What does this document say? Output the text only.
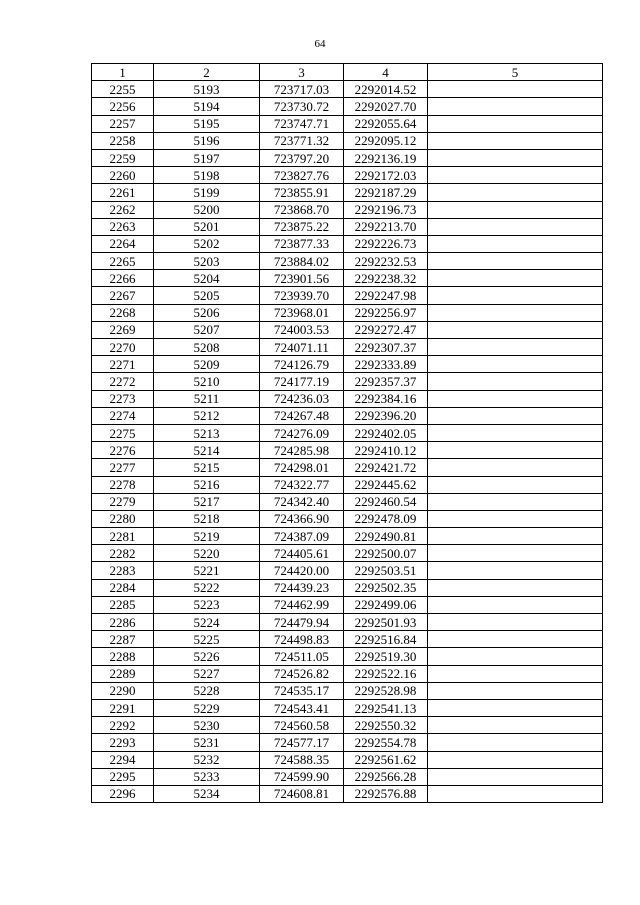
64
1	2	3	4	5
2255	5193	723717.03	2292014.52	
2256	5194	723730.72	2292027.70	
2257	5195	723747.71	2292055.64	
2258	5196	723771.32	2292095.12	
2259	5197	723797.20	2292136.19	
2260	5198	723827.76	2292172.03	
2261	5199	723855.91	2292187.29	
2262	5200	723868.70	2292196.73	
2263	5201	723875.22	2292213.70	
2264	5202	723877.33	2292226.73	
2265	5203	723884.02	2292232.53	
2266	5204	723901.56	2292238.32	
2267	5205	723939.70	2292247.98	
2268	5206	723968.01	2292256.97	
2269	5207	724003.53	2292272.47	
2270	5208	724071.11	2292307.37	
2271	5209	724126.79	2292333.89	
2272	5210	724177.19	2292357.37	
2273	5211	724236.03	2292384.16	
2274	5212	724267.48	2292396.20	
2275	5213	724276.09	2292402.05	
2276	5214	724285.98	2292410.12	
2277	5215	724298.01	2292421.72	
2278	5216	724322.77	2292445.62	
2279	5217	724342.40	2292460.54	
2280	5218	724366.90	2292478.09	
2281	5219	724387.09	2292490.81	
2282	5220	724405.61	2292500.07	
2283	5221	724420.00	2292503.51	
2284	5222	724439.23	2292502.35	
2285	5223	724462.99	2292499.06	
2286	5224	724479.94	2292501.93	
2287	5225	724498.83	2292516.84	
2288	5226	724511.05	2292519.30	
2289	5227	724526.82	2292522.16	
2290	5228	724535.17	2292528.98	
2291	5229	724543.41	2292541.13	
2292	5230	724560.58	2292550.32	
2293	5231	724577.17	2292554.78	
2294	5232	724588.35	2292561.62	
2295	5233	724599.90	2292566.28	
2296	5234	724608.81	2292576.88	
